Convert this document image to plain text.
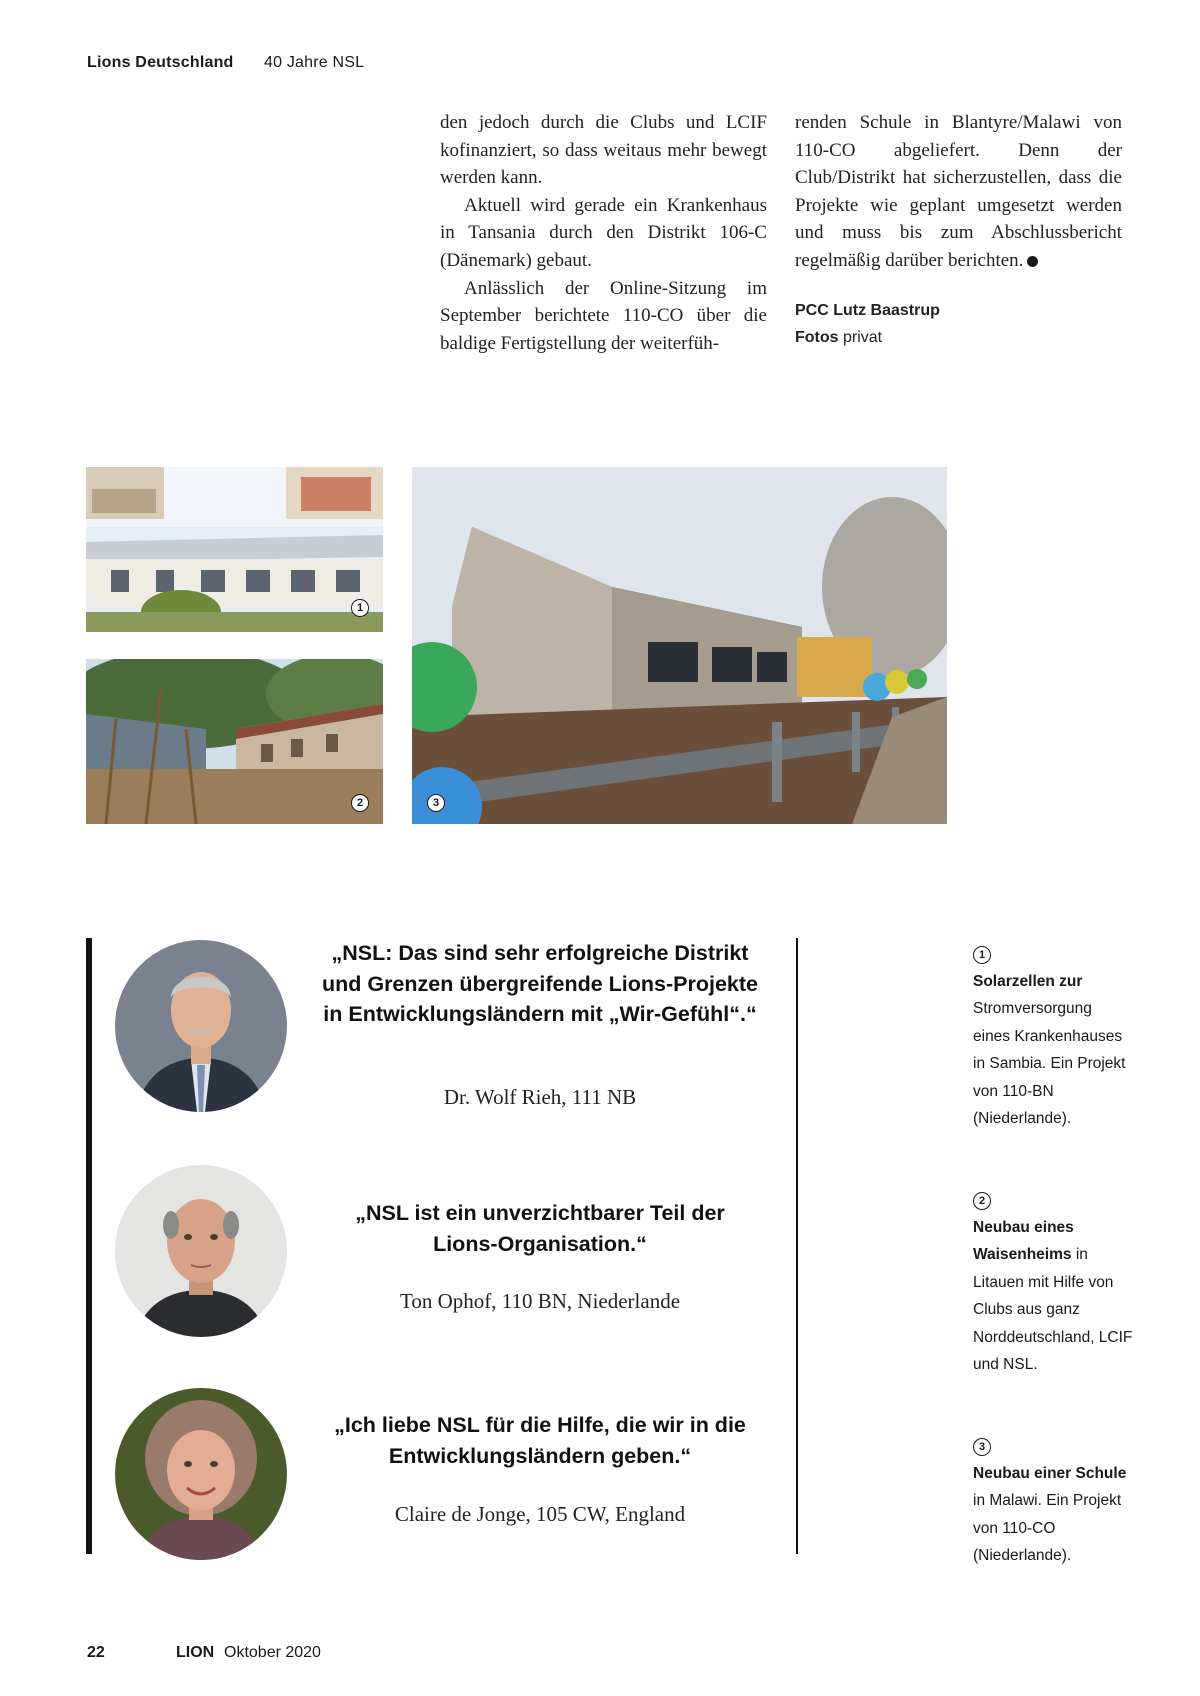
Lions Deutschland 40 Jahre NSL

den jedoch durch die Clubs und LCIF kofinanziert, so dass weitaus mehr bewegt werden kann.

Aktuell wird gerade ein Krankenhaus in Tansania durch den Distrikt 106-C (Dänemark) gebaut.

Anlässlich der Online-Sitzung im September berichtete 110-CO über die baldige Fertigstellung der weiterfüh-

renden Schule in Blantyre/Malawi von 110-CO abgeliefert. Denn der Club/Distrikt hat sicherzustellen, dass die Projekte wie geplant umgesetzt werden und muss bis zum Abschlussbericht regelmäßig darüber berichten.

PCC Lutz Baastrup
Fotos privat
1
2	3
„NSL: Das sind sehr erfolgreiche Distrikt und Grenzen übergreifende Lions-Projekte in Entwicklungsländern mit „Wir-Gefühl“.“
Dr. Wolf Rieh, 111 NB
„NSL ist ein unverzichtbarer Teil der Lions-Organisation.“
Ton Ophof, 110 BN, Niederlande
„Ich liebe NSL für die Hilfe, die wir in die Entwicklungsländern geben.“
Claire de Jonge, 105 CW, England
1
Solarzellen zur Stromversorgung eines Krankenhauses in Sambia. Ein Projekt von 110-BN (Niederlande).
2
Neubau eines Waisenheims in Litauen mit Hilfe von Clubs aus ganz Norddeutschland, LCIF und NSL.
3
Neubau einer Schule in Malawi. Ein Projekt von 110-CO (Niederlande).
22	LION Oktober 2020
